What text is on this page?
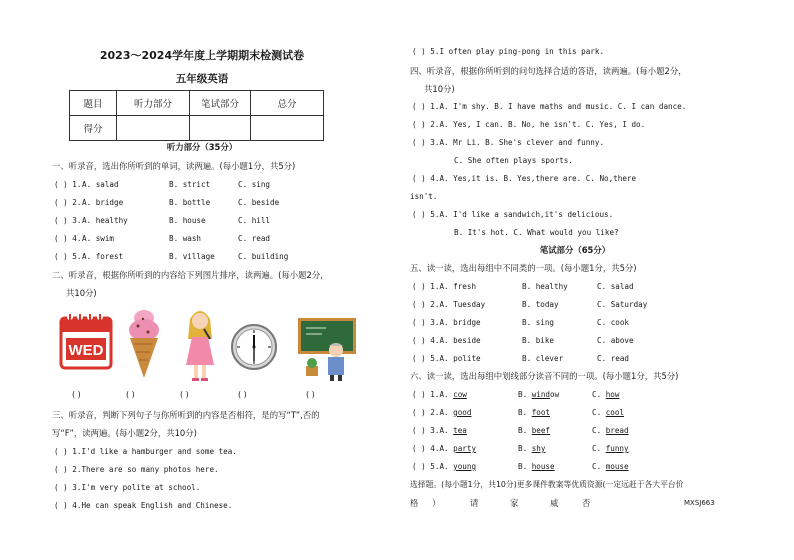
2023～2024学年度上学期期末检测试卷
五年级英语
题目	听力部分	笔试部分	总分
得分			
听力部分（35分）
一、听录音，选出你所听到的单词，读两遍。(每小题1分，共5分)
( ) 1. A. salad	B. strict	C. sing
( ) 2. A. bridge	B. bottle	C. beside
( ) 3. A. healthy	B. house	C. hill
( ) 4. A. swim	B. wash	C. read
( ) 5. A. forest	B. village	C. building
二、听录音，根据你所听到的内容给下列图片排序，读两遍。(每小题2分，
共10分)
WED
( )	( )	( )	( )	( )
三、听录音，判断下列句子与你所听到的内容是否相符，是的写“T”,否的
写“F”，读两遍。(每小题2分，共10分)
( ) 1.I'd like a hamburger and some tea.
( ) 2.There are so many photos here.
( ) 3.I'm very polite at school.
( ) 4.He can speak English and Chinese.
( ) 5.I often play ping-pong in this park.
四、听录音，根据你所听到的问句选择合适的答语，读两遍。(每小题2分，
共10分)
( ) 1.A. I'm shy. B. I have maths and music. C. I can dance.
( ) 2.A. Yes, I can. B. No, he isn't. C. Yes, I do.
( ) 3.A. Mr Li. B. She's clever and funny.
C. She often plays sports.
( ) 4.A. Yes,it is. B. Yes,there are. C. No,there
isn't.
( ) 5.A. I'd like a sandwich,it's delicious.
B. It's hot. C. What would you like?
笔试部分（65分）
五、读一读，选出每组中不同类的一项。(每小题1分，共5分)
( ) 1.A. fresh	B. healthy	C. salad
( ) 2.A. Tuesday	B. today	C. Saturday
( ) 3.A. bridge	B. sing	C. cook
( ) 4.A. beside	B. bike	C. above
( ) 5.A. polite	B. clever	C. read
六、读一读，选出每组中划线部分读音不同的一项。(每小题1分，共5分)
( ) 1.A. cow	B. window	C. how
( ) 2.A. good	B. foot	C. cool
( ) 3.A. tea	B. beef	C. bread
( ) 4.A. party	B. shy	C. funny
( ) 5.A. young	B. house	C. mouse
选择题。(每小题1分，共10分)更多课件教案等优质资源(一定远赶于各大平台价
格 ）	请	家	威	否	MXSJ663
